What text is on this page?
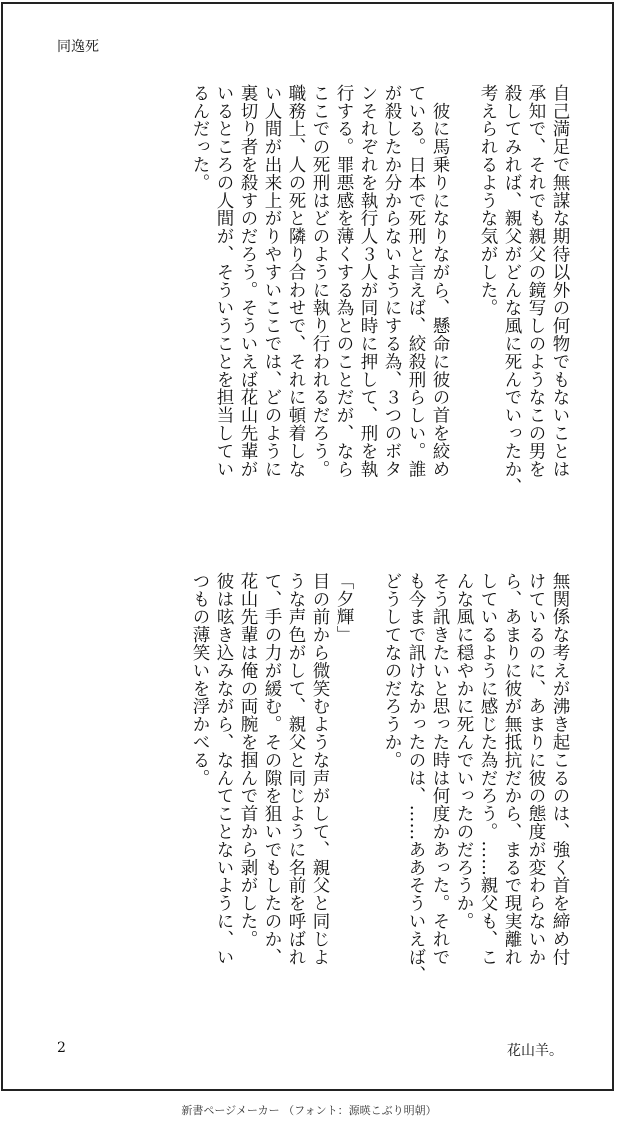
同逸死
自己満足で無謀な期待以外の何物でもないことは
承知で、それでも親父の鏡写しのようなこの男を
殺してみれば、親父がどんな風に死んでいったか、
考えられるような気がした。

　彼に馬乗りになりながら、懸命に彼の首を絞め
ている。日本で死刑と言えば、絞殺刑らしい。誰
が殺したか分からないようにする為、３つのボタ
ンそれぞれを執行人３人が同時に押して、刑を執
行する。罪悪感を薄くする為とのことだが、なら
ここでの死刑はどのように執り行われるだろう。
職務上、人の死と隣り合わせで、それに頓着しな
い人間が出来上がりやすいここでは、どのように
裏切り者を殺すのだろう。そういえば花山先輩が
いるところの人間が、そういうことを担当してい
るんだった。
無関係な考えが沸き起こるのは、強く首を締め付
けているのに、あまりに彼の態度が変わらないか
ら、あまりに彼が無抵抗だから、まるで現実離れ
しているように感じた為だろう。……親父も、こ
んな風に穏やかに死んでいったのだろうか。
そう訊きたいと思った時は何度かあった。それで
も今まで訊けなかったのは、……ああそういえば、
どうしてなのだろうか。

「夕輝」
目の前から微笑むような声がして、親父と同じよ
うな声色がして、親父と同じように名前を呼ばれ
て、手の力が緩む。その隙を狙いでもしたのか、
花山先輩は俺の両腕を掴んで首から剥がした。
彼は呟き込みながら、なんてことないように、い
つもの薄笑いを浮かべる。
2	花山羊。
新書ページメーカー （フォント：源暎こぶり明朝）
